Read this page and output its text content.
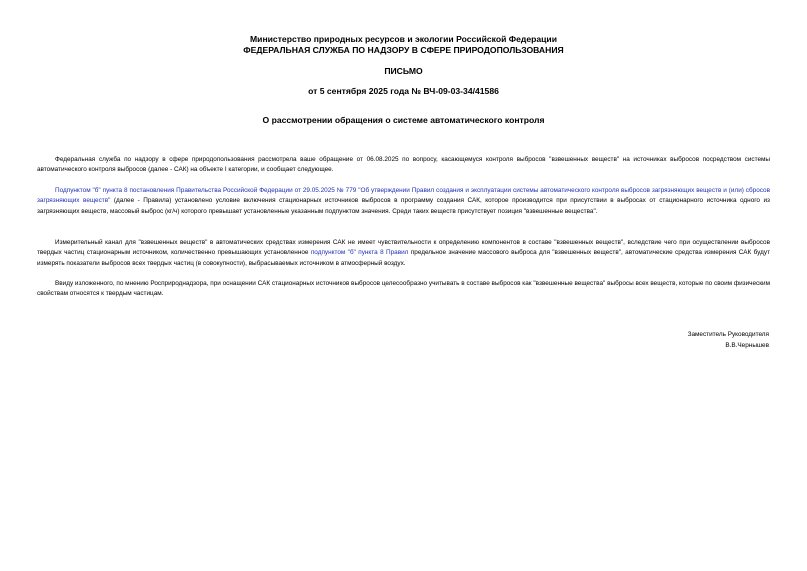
Министерство природных ресурсов и экологии Российской Федерации
ФЕДЕРАЛЬНАЯ СЛУЖБА ПО НАДЗОРУ В СФЕРЕ ПРИРОДОПОЛЬЗОВАНИЯ
ПИСЬМО
от 5 сентября 2025 года № ВЧ-09-03-34/41586
О рассмотрении обращения о системе автоматического контроля
Федеральная служба по надзору в сфере природопользования рассмотрела ваше обращение от 06.08.2025 по вопросу, касающемуся контроля выбросов "взвешенных веществ" на источниках выбросов посредством системы автоматического контроля выбросов (далее - САК) на объекте I категории, и сообщает следующее.
Подпунктом "б" пункта 8 постановления Правительства Российской Федерации от 29.05.2025 № 779 "Об утверждении Правил создания и эксплуатации системы автоматического контроля выбросов загрязняющих веществ и (или) сбросов загрязняющих веществ" (далее - Правила) установлено условие включения стационарных источников выбросов в программу создания САК, которое производится при присутствии в выбросах от стационарного источника одного из загрязняющих веществ, массовый выброс (кг/ч) которого превышает установленные указанным подпунктом значения. Среди таких веществ присутствует позиция "взвешенные вещества".
Измерительный канал для "взвешенных веществ" в автоматических средствах измерения САК не имеет чувствительности к определению компонентов в составе "взвешенных веществ", вследствие чего при осуществлении выбросов твердых частиц стационарным источником, количественно превышающих установленное подпунктом "б" пункта 8 Правил предельное значение массового выброса для "взвешенных веществ", автоматические средства измерения САК будут измерять показатели выбросов всех твердых частиц (в совокупности), выбрасываемых источником в атмосферный воздух.
Ввиду изложенного, по мнению Росприроднадзора, при оснащении САК стационарных источников выбросов целесообразно учитывать в составе выбросов как "взвешенные вещества" выбросы всех веществ, которые по своим физическим свойствам относятся к твердым частицам.
Заместитель Руководителя
В.В.Чернышев
